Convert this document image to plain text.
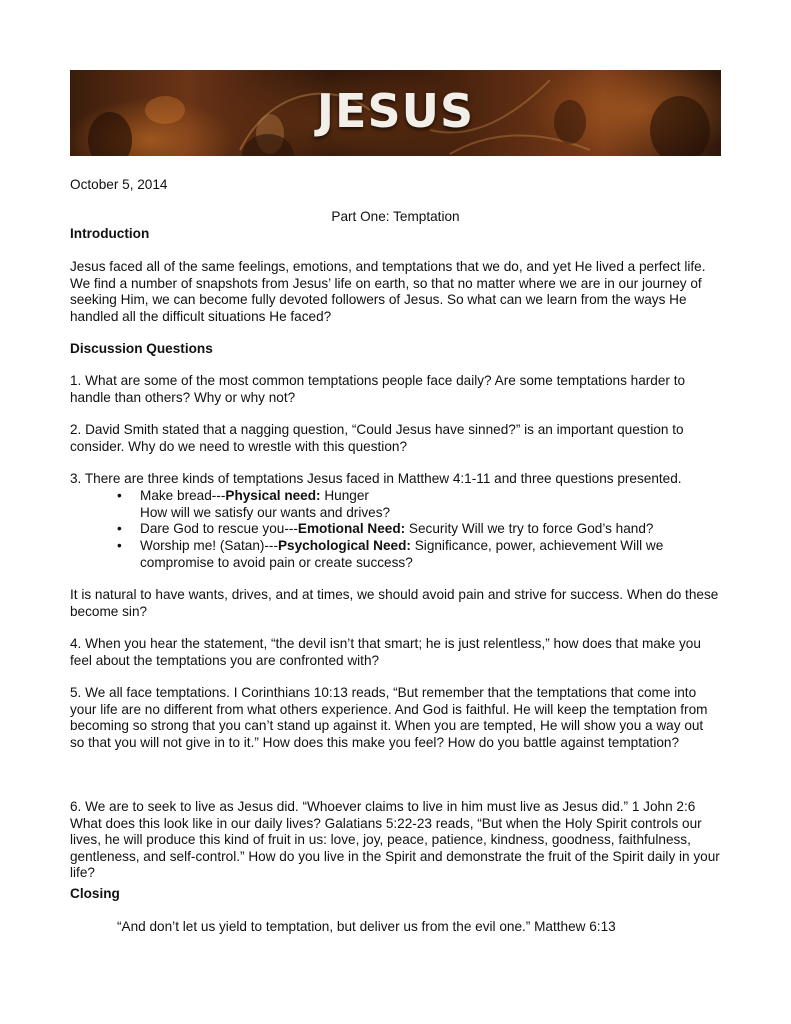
JESUS

October 5, 2014

Part One: Temptation

Introduction

Jesus faced all of the same feelings, emotions, and temptations that we do, and yet He lived a perfect life. We find a number of snapshots from Jesus’ life on earth, so that no matter where we are in our journey of seeking Him, we can become fully devoted followers of Jesus. So what can we learn from the ways He handled all the difficult situations He faced?

Discussion Questions

1. What are some of the most common temptations people face daily? Are some temptations harder to handle than others? Why or why not?

2. David Smith stated that a nagging question, “Could Jesus have sinned?” is an important question to consider. Why do we need to wrestle with this question?

3. There are three kinds of temptations Jesus faced in Matthew 4:1-11 and three questions presented.

•	Make bread---Physical need: Hunger
How will we satisfy our wants and drives?

•	Dare God to rescue you---Emotional Need: Security Will we try to force God’s hand?

•	Worship me! (Satan)---Psychological Need: Significance, power, achievement Will we compromise to avoid pain or create success?

It is natural to have wants, drives, and at times, we should avoid pain and strive for success. When do these become sin?

4. When you hear the statement, “the devil isn’t that smart; he is just relentless,” how does that make you feel about the temptations you are confronted with?

5. We all face temptations. I Corinthians 10:13 reads, “But remember that the temptations that come into your life are no different from what others experience. And God is faithful. He will keep the temptation from becoming so strong that you can’t stand up against it. When you are tempted, He will show you a way out so that you will not give in to it.” How does this make you feel? How do you battle against temptation?

6. We are to seek to live as Jesus did. “Whoever claims to live in him must live as Jesus did.” 1 John 2:6 What does this look like in our daily lives? Galatians 5:22-23 reads, “But when the Holy Spirit controls our lives, he will produce this kind of fruit in us: love, joy, peace, patience, kindness, goodness, faithfulness, gentleness, and self-control.” How do you live in the Spirit and demonstrate the fruit of the Spirit daily in your life?

Closing

“And don’t let us yield to temptation, but deliver us from the evil one.” Matthew 6:13
